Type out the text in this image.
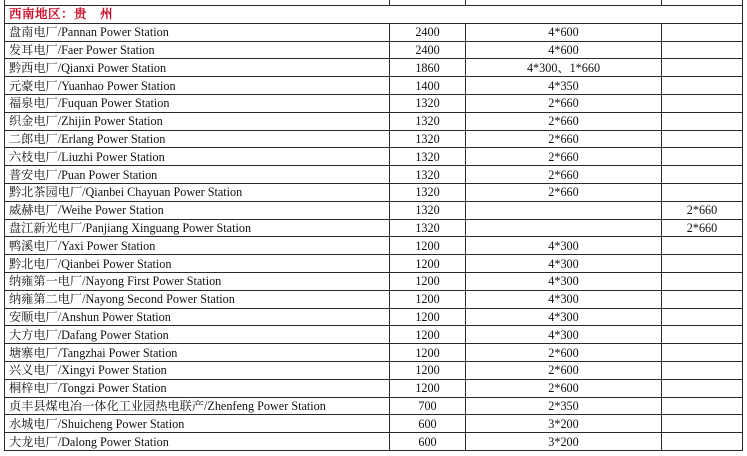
西南地区：贵　州			
盘南电厂/Pannan Power Station	2400	4*600	
发耳电厂/Faer Power Station	2400	4*600	
黔西电厂/Qianxi Power Station	1860	4*300、1*660	
元豪电厂/Yuanhao Power Station	1400	4*350	
福泉电厂/Fuquan Power Station	1320	2*660	
织金电厂/Zhijin Power Station	1320	2*660	
二郎电厂/Erlang Power Station	1320	2*660	
六枝电厂/Liuzhi Power Station	1320	2*660	
普安电厂/Puan Power Station	1320	2*660	
黔北茶园电厂/Qianbei Chayuan Power Station	1320	2*660	
威赫电厂/Weihe Power Station	1320		2*660
盘江新光电厂/Panjiang Xinguang Power Station	1320		2*660
鸭溪电厂/Yaxi Power Station	1200	4*300	
黔北电厂/Qianbei Power Station	1200	4*300	
纳雍第一电厂/Nayong First Power Station	1200	4*300	
纳雍第二电厂/Nayong Second Power Station	1200	4*300	
安顺电厂/Anshun Power Station	1200	4*300	
大方电厂/Dafang Power Station	1200	4*300	
塘寨电厂/Tangzhai Power Station	1200	2*600	
兴义电厂/Xingyi Power Station	1200	2*600	
桐梓电厂/Tongzi Power Station	1200	2*600	
贞丰县煤电冶一体化工业园热电联产/Zhenfeng Power Station	700	2*350	
水城电厂/Shuicheng Power Station	600	3*200	
大龙电厂/Dalong Power Station	600	3*200	
